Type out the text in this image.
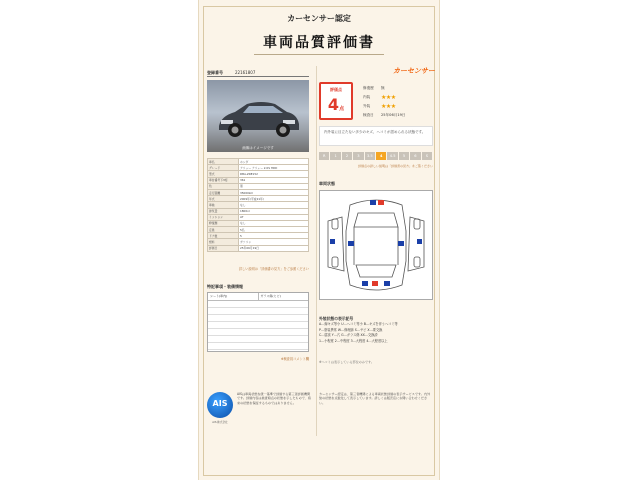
カーセンサー認定
車両品質評価書
登録番号	22161807
画像はイメージです
車名	ホンダ
グレード	アリュー アリュー 2.0S HDD
型式	DBA-ZRE152
車台番号下3桁	361
色	黒
走行距離	35000km
年式	2009年(平成21年)
車検	なし
排気量	1800cc
ミッション	AT
修復歴	なし
定員	5名
ドア数	5
燃料	ガソリン
評価日	25年06月19日
詳しい説明は「評価書の見方」をご参照ください
特記事項・装備情報
シート(車内)	ガラス傷(ヒビ)
※検査員コメント欄
AIS
AIS 株式会社
AISは車両状態を統一基準で評価する第三者評価機関です。評価内容は検査時点の状態を示したもので、将来の状態を保証するものではありません。
評価点
4点
カーセンサー
修復歴 無
内装 ★★★
外装 ★★★
検査日 25年06月19日
内外装に目立たない多少のキズ、ヘコミが認められる状態です。
R	1	2	3	3.5	4	4.5	5	6	S
評価点の詳しい説明は「評価書の見方」をご覧ください
車両状態
外装状態の表示記号
A…線キズ等小 U…ヘコミ等小 B…キズを伴うヘコミ等
P…塗装異常 W…修理跡 S…サビ X…要交換
C…腐食 Y…穴 G…ガラス傷 XX…交換済
1…小程度 2…中程度 3…大程度 4…大程度以上
※ヘコミは表示している部位のみです。
カーセンサー認定は、第三者機関による車両状態評価の表示サービスです。内外装の状態を点数化して表示しています。詳しくは販売店にお問い合わせください。
